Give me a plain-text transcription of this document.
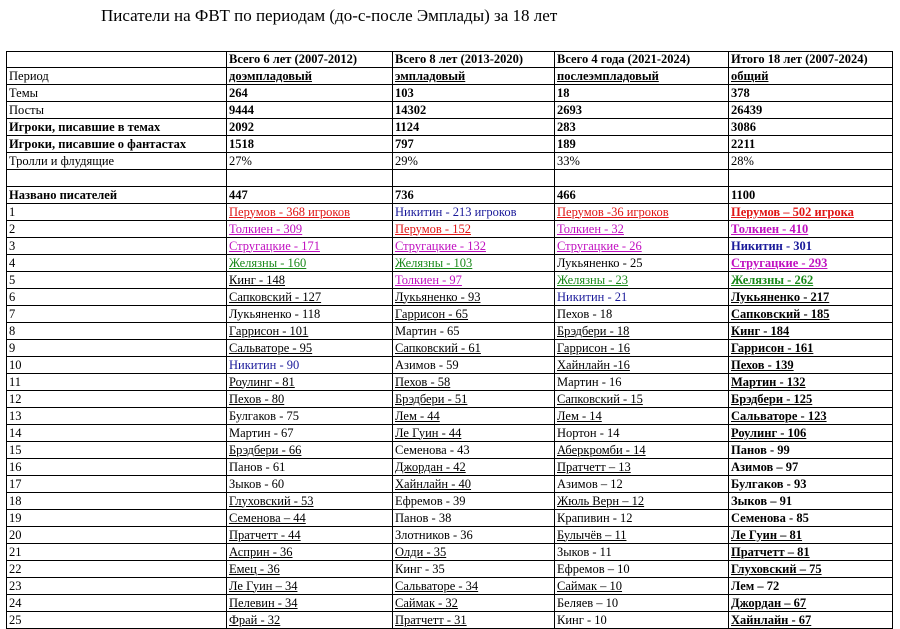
Писатели на ФВТ по периодам (до-с-после Эмплады) за 18 лет
	Всего 6 лет (2007-2012)	Всего 8 лет (2013-2020)	Всего 4 года (2021-2024)	Итого 18 лет (2007-2024)
Период	доэмпладовый	эмпладовый	послеэмпладовый	общий
Темы	264	103	18	378
Посты	9444	14302	2693	26439
Игроки, писавшие в темах	2092	1124	283	3086
Игроки, писавшие о фантастах	1518	797	189	2211
Тролли и флудящие	27%	29%	33%	28%

Названо писателей	447	736	466	1100
1	Перумов - 368 игроков	Никитин - 213 игроков	Перумов -36 игроков	Перумов – 502 игрока
2	Толкиен - 309	Перумов - 152	Толкиен - 32	Толкиен - 410
3	Стругацкие - 171	Стругацкие - 132	Стругацкие - 26	Никитин - 301
4	Желязны - 160	Желязны - 103	Лукьяненко - 25	Стругацкие - 293
5	Кинг - 148	Толкиен - 97	Желязны - 23	Желязны - 262
6	Сапковский - 127	Лукьяненко - 93	Никитин - 21	Лукьяненко - 217
7	Лукьяненко - 118	Гаррисон - 65	Пехов - 18	Сапковский - 185
8	Гаррисон - 101	Мартин - 65	Брэдбери - 18	Кинг - 184
9	Сальваторе - 95	Сапковский - 61	Гаррисон - 16	Гаррисон - 161
10	Никитин - 90	Азимов - 59	Хайнлайн -16	Пехов - 139
11	Роулинг - 81	Пехов - 58	Мартин - 16	Мартин - 132
12	Пехов - 80	Брэдбери - 51	Сапковский - 15	Брэдбери - 125
13	Булгаков - 75	Лем - 44	Лем - 14	Сальваторе - 123
14	Мартин - 67	Ле Гуин - 44	Нортон - 14	Роулинг - 106
15	Брэдбери - 66	Семенова - 43	Аберкромби - 14	Панов - 99
16	Панов - 61	Джордан - 42	Пратчетт – 13	Азимов – 97
17	Зыков - 60	Хайнлайн - 40	Азимов – 12	Булгаков - 93
18	Глуховский - 53	Ефремов - 39	Жюль Верн – 12	Зыков – 91
19	Семенова – 44	Панов - 38	Крапивин - 12	Семенова - 85
20	Пратчетт - 44	Злотников - 36	Булычёв – 11	Ле Гуин – 81
21	Асприн - 36	Олди - 35	Зыков - 11	Пратчетт – 81
22	Емец - 36	Кинг - 35	Ефремов – 10	Глуховский – 75
23	Ле Гуин – 34	Сальваторе - 34	Саймак – 10	Лем – 72
24	Пелевин - 34	Саймак - 32	Беляев – 10	Джордан – 67
25	Фрай - 32	Пратчетт - 31	Кинг - 10	Хайнлайн - 67
